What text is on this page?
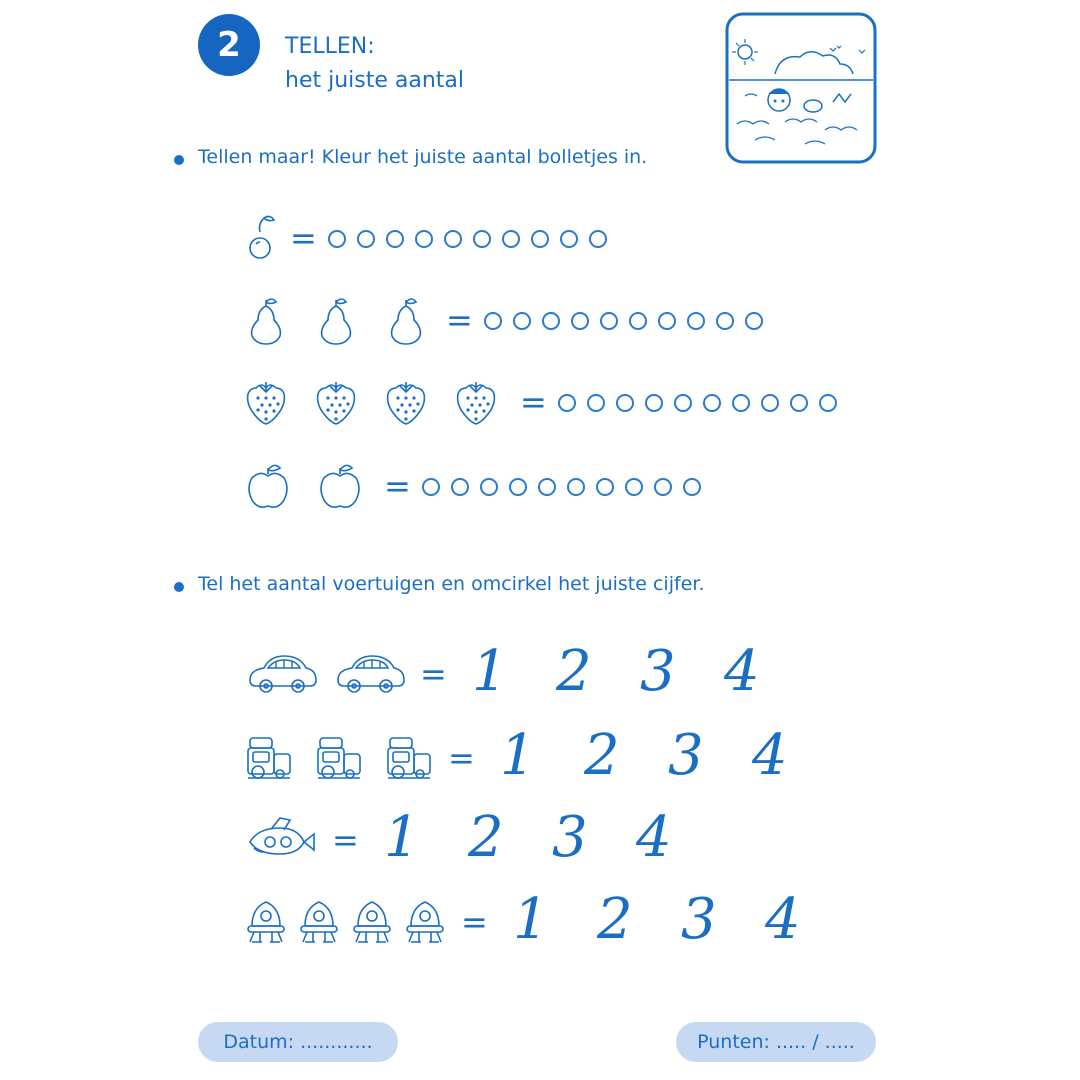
2	TELLEN:
het juiste aantal
Tellen maar! Kleur het juiste aantal bolletjes in.
=
=
=
=
Tel het aantal voertuigen en omcirkel het juiste cijfer.
= 1 2 3 4
= 1 2 3 4
= 1 2 3 4
= 1 2 3 4
Datum: ............	Punten: ..... / .....
